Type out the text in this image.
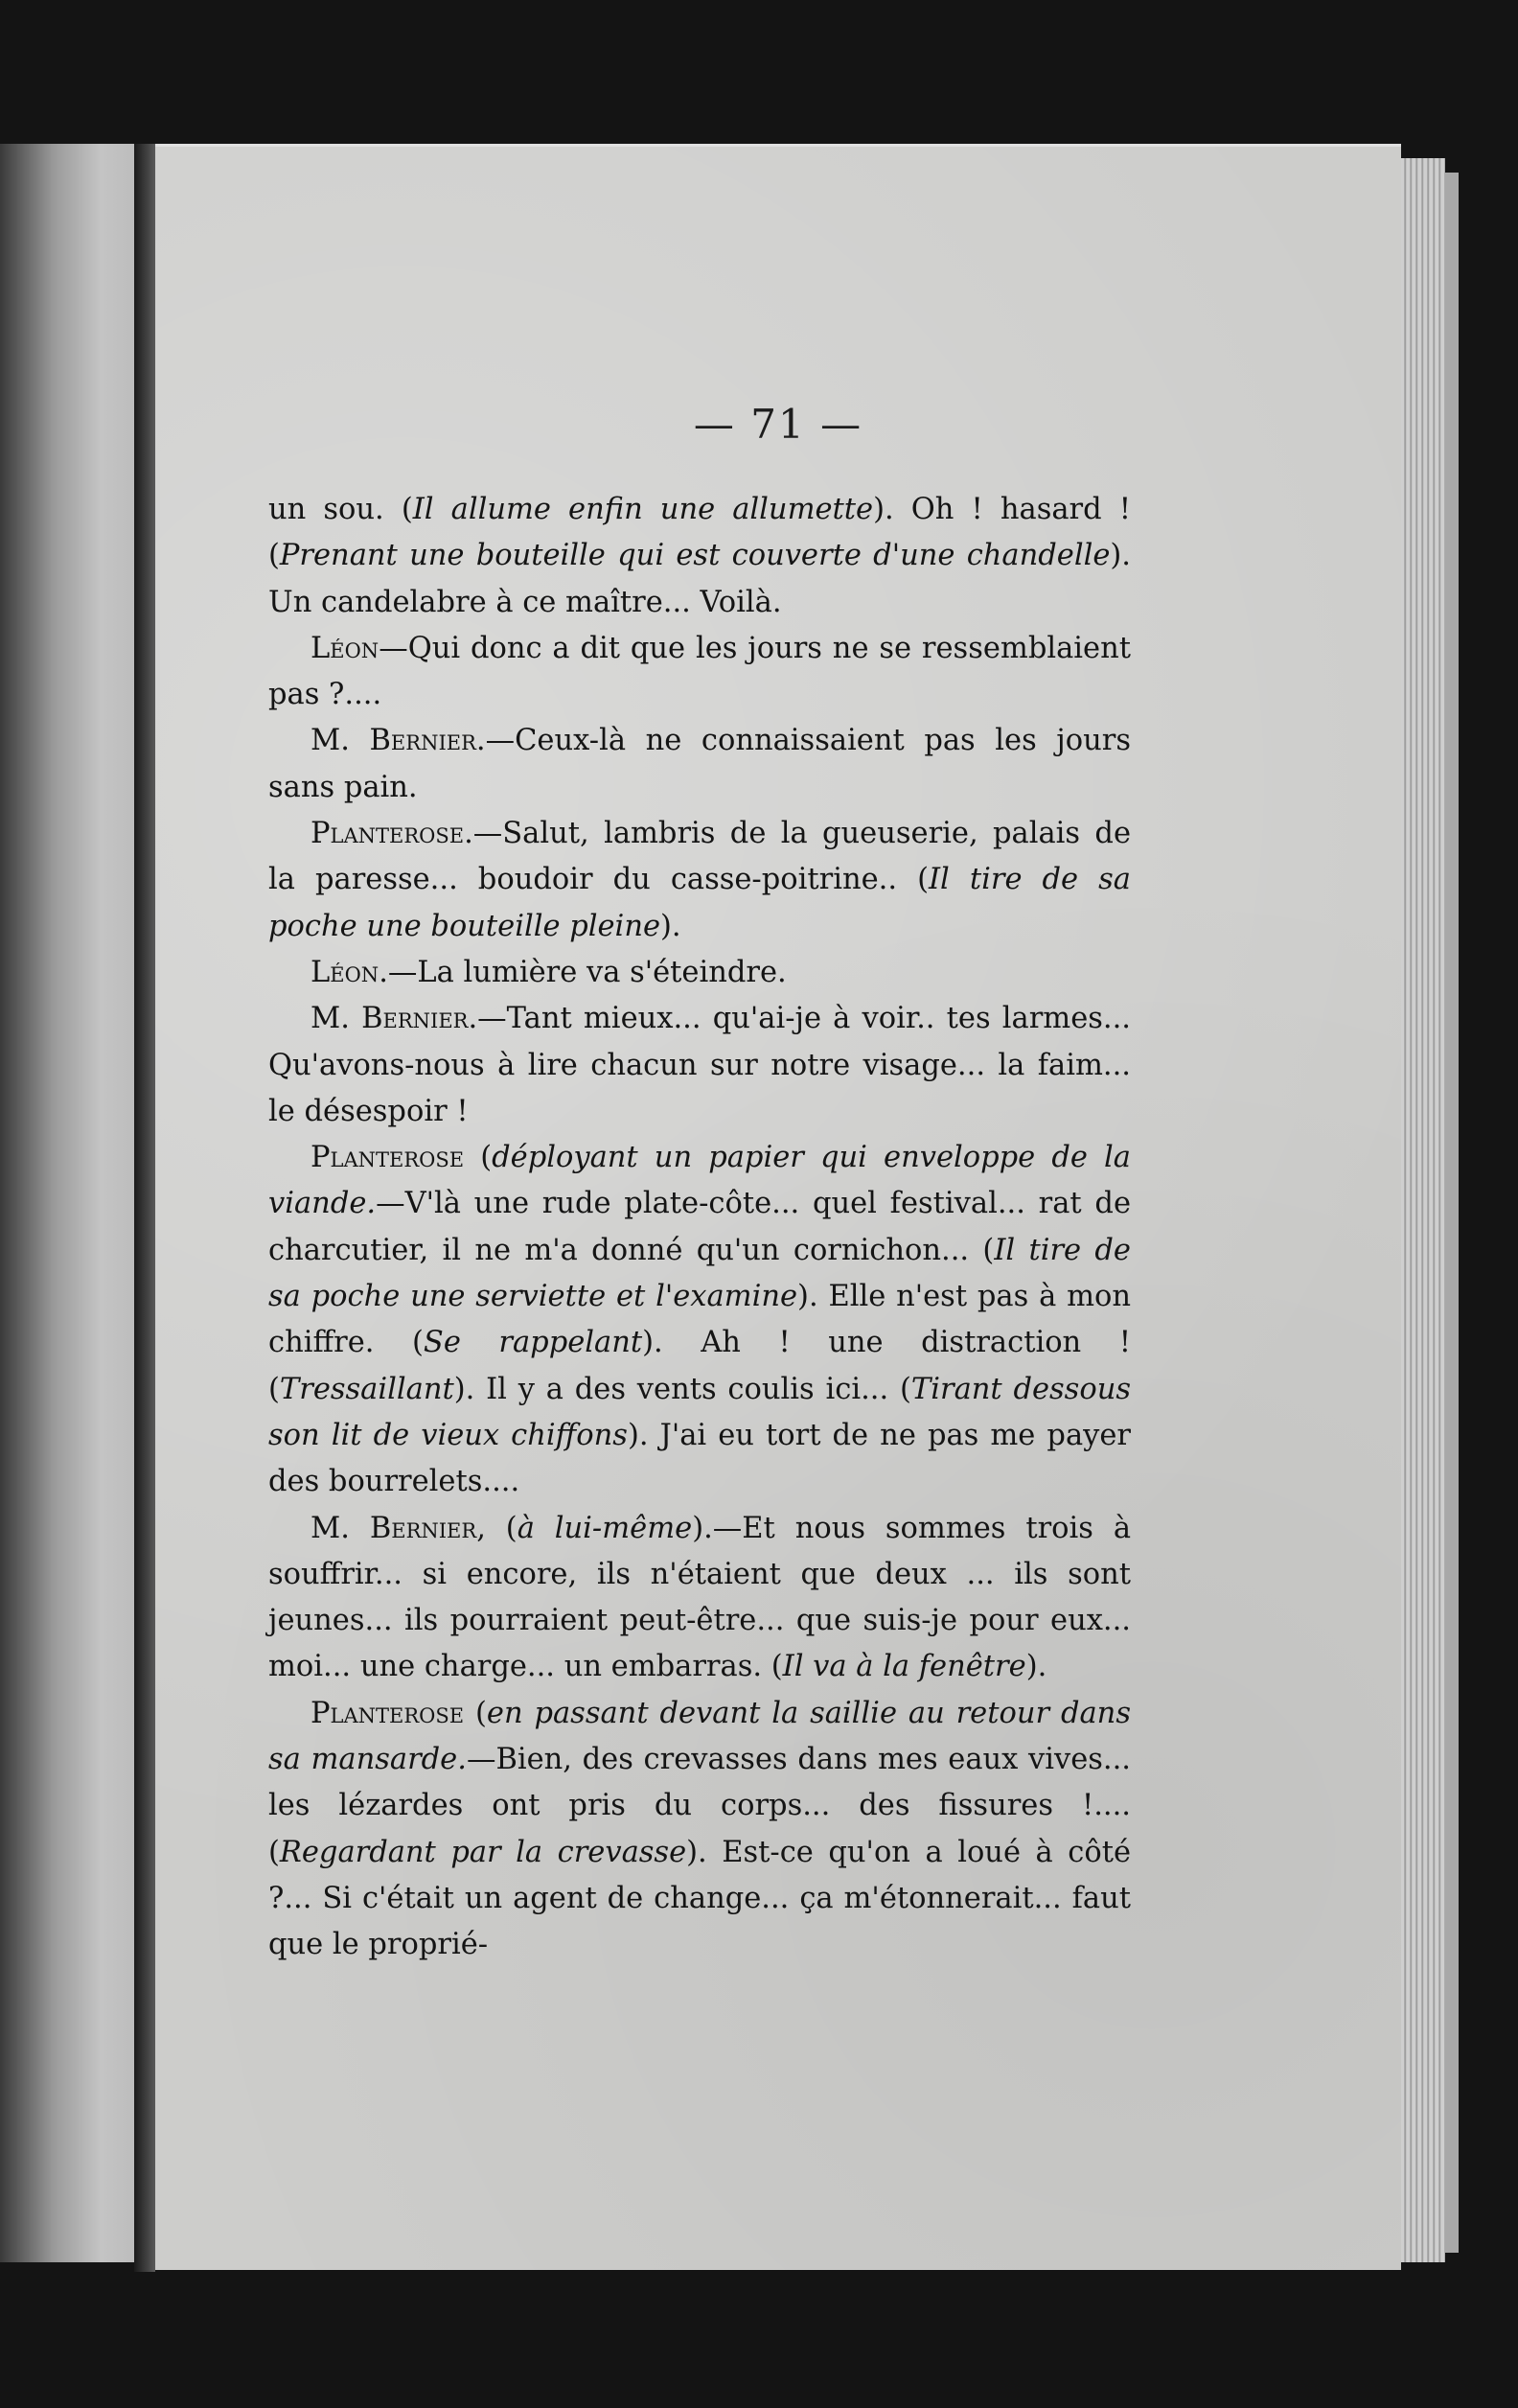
— 71 —

un sou. (Il allume enfin une allumette). Oh ! hasard ! (Prenant une bouteille qui est couverte d'une chandelle). Un candelabre à ce maître... Voilà.

Léon—Qui donc a dit que les jours ne se ressemblaient pas ?....

M. Bernier.—Ceux-là ne connaissaient pas les jours sans pain.

Planterose.—Salut, lambris de la gueuserie, palais de la paresse... boudoir du casse-poitrine.. (Il tire de sa poche une bouteille pleine).

Léon.—La lumière va s'éteindre.

M. Bernier.—Tant mieux... qu'ai-je à voir.. tes larmes... Qu'avons-nous à lire chacun sur notre visage... la faim... le désespoir !

Planterose (déployant un papier qui enveloppe de la viande.—V'là une rude plate-côte... quel festival... rat de charcutier, il ne m'a donné qu'un cornichon... (Il tire de sa poche une serviette et l'examine). Elle n'est pas à mon chiffre. (Se rappelant). Ah ! une distraction ! (Tressaillant). Il y a des vents coulis ici... (Tirant dessous son lit de vieux chiffons). J'ai eu tort de ne pas me payer des bourrelets....

M. Bernier, (à lui-même).—Et nous sommes trois à souffrir... si encore, ils n'étaient que deux ... ils sont jeunes... ils pourraient peut-être... que suis-je pour eux... moi... une charge... un embarras. (Il va à la fenêtre).

Planterose (en passant devant la saillie au retour dans sa mansarde.—Bien, des crevasses dans mes eaux vives... les lézardes ont pris du corps... des fissures !.... (Regardant par la crevasse). Est-ce qu'on a loué à côté ?... Si c'était un agent de change... ça m'étonnerait... faut que le proprié-
